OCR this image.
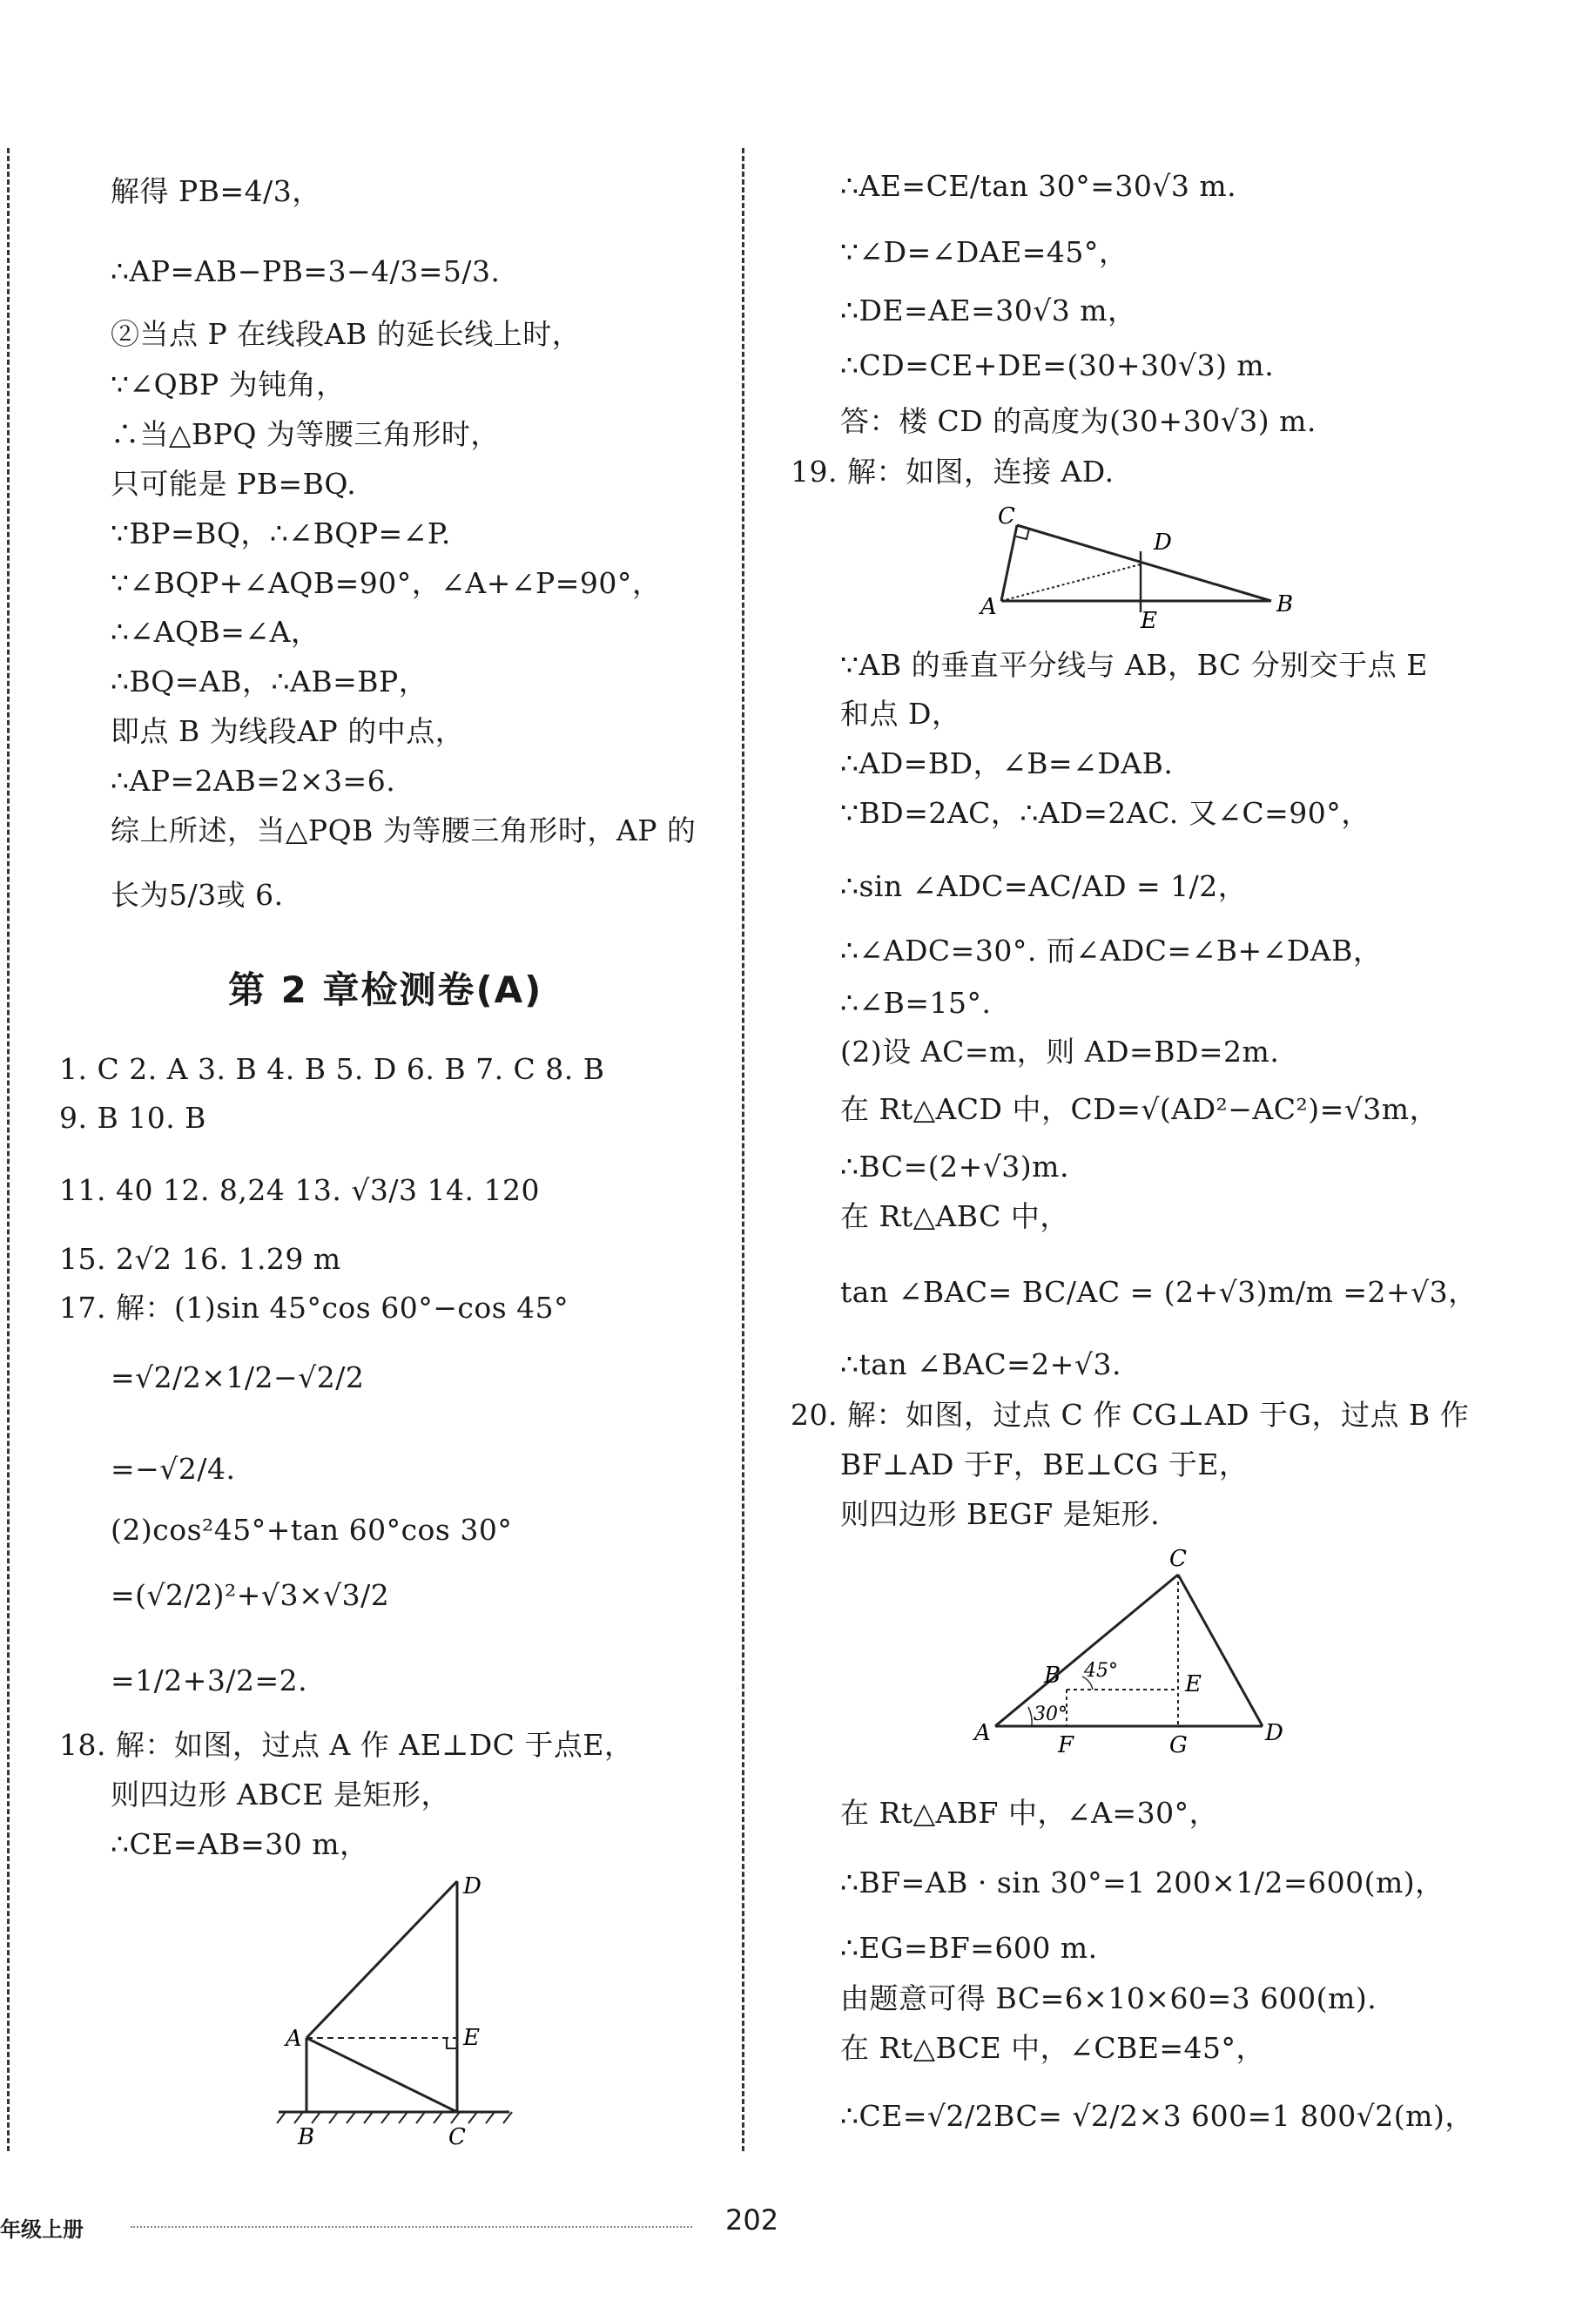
解得 PB=4/3，
∴AP=AB−PB=3−4/3=5/3.
②当点 P 在线段AB 的延长线上时，
∵∠QBP 为钝角，
∴当△BPQ 为等腰三角形时，
只可能是 PB=BQ.
∵BP=BQ，∴∠BQP=∠P.
∵∠BQP+∠AQB=90°，∠A+∠P=90°，
∴∠AQB=∠A，
∴BQ=AB，∴AB=BP，
即点 B 为线段AP 的中点，
∴AP=2AB=2×3=6.
综上所述，当△PQB 为等腰三角形时，AP 的
长为5/3或 6.
第 2 章检测卷(A)
1. C 2. A 3. B 4. B 5. D 6. B 7. C 8. B
9. B 10. B
11. 40 12. 8,24 13. √3/3 14. 120
15. 2√2 16. 1.29 m
17. 解：(1)sin 45°cos 60°−cos 45°
=√2/2×1/2−√2/2
=−√2/4.
(2)cos²45°+tan 60°cos 30°
=(√2/2)²+√3×√3/2
=1/2+3/2=2.
18. 解：如图，过点 A 作 AE⊥DC 于点E，
则四边形 ABCE 是矩形，
∴CE=AB=30 m，
D
A	E
B	C
∴AE=CE/tan 30°=30√3 m.
∵∠D=∠DAE=45°，
∴DE=AE=30√3 m，
∴CD=CE+DE=(30+30√3) m.
答：楼 CD 的高度为(30+30√3) m.
19. 解：如图，连接 AD.
C
D
A
E
B
∵AB 的垂直平分线与 AB，BC 分别交于点 E
和点 D，
∴AD=BD，∠B=∠DAB.
∵BD=2AC，∴AD=2AC. 又∠C=90°，
∴sin ∠ADC=AC/AD = 1/2，
∴∠ADC=30°. 而∠ADC=∠B+∠DAB，
∴∠B=15°.
(2)设 AC=m，则 AD=BD=2m.
在 Rt△ACD 中，CD=√(AD²−AC²)=√3m，
∴BC=(2+√3)m.
在 Rt△ABC 中，
tan ∠BAC= BC/AC = (2+√3)m/m =2+√3，
∴tan ∠BAC=2+√3.
20. 解：如图，过点 C 作 CG⊥AD 于G，过点 B 作
BF⊥AD 于F，BE⊥CG 于E，
则四边形 BEGF 是矩形.
C
B 45°
E
30°
A	F	G	D
在 Rt△ABF 中，∠A=30°，
∴BF=AB · sin 30°=1 200×1/2=600(m)，
∴EG=BF=600 m.
由题意可得 BC=6×10×60=3 600(m).
在 Rt△BCE 中，∠CBE=45°，
∴CE=√2/2BC= √2/2×3 600=1 800√2(m)，
年级上册	202
